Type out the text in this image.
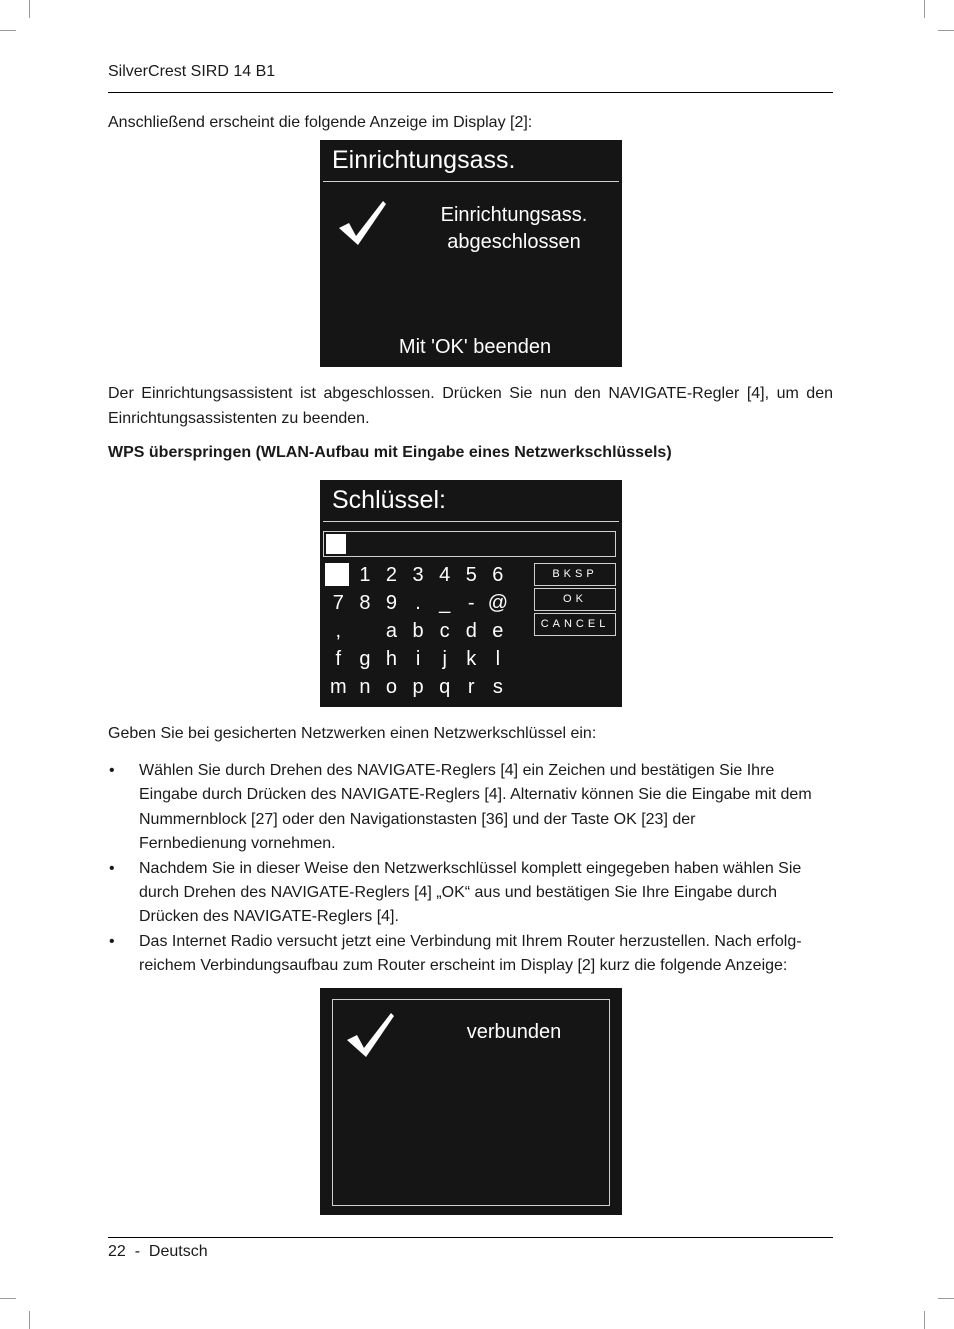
SilverCrest SIRD 14 B1
Anschließend erscheint die folgende Anzeige im Display [2]:
Einrichtungsass.
Einrichtungsass.
abgeschlossen
Mit 'OK' beenden
Der Einrichtungsassistent ist abgeschlossen. Drücken Sie nun den NAVIGATE-Regler [4], um den Einrichtungsassistenten zu beenden.
WPS überspringen (WLAN-Aufbau mit Eingabe eines Netzwerkschlüssels)
Schlüssel:
1 2 3 4 5 6
7 8 9 . _ - @
,	a b c d e
f g h i	j k l
m n o p q r s
BKSP
OK
CANCEL
Geben Sie bei gesicherten Netzwerken einen Netzwerkschlüssel ein:
• Wählen Sie durch Drehen des NAVIGATE-Reglers [4] ein Zeichen und bestätigen Sie Ihre
Eingabe durch Drücken des NAVIGATE-Reglers [4]. Alternativ können Sie die Eingabe mit dem
Nummernblock [27] oder den Navigationstasten [36] und der Taste OK [23] der
Fernbedienung vornehmen.
• Nachdem Sie in dieser Weise den Netzwerkschlüssel komplett eingegeben haben wählen Sie
durch Drehen des NAVIGATE-Reglers [4] „OK“ aus und bestätigen Sie Ihre Eingabe durch
Drücken des NAVIGATE-Reglers [4].
• Das Internet Radio versucht jetzt eine Verbindung mit Ihrem Router herzustellen. Nach erfolg-
reichem Verbindungsaufbau zum Router erscheint im Display [2] kurz die folgende Anzeige:
verbunden
22 - Deutsch
